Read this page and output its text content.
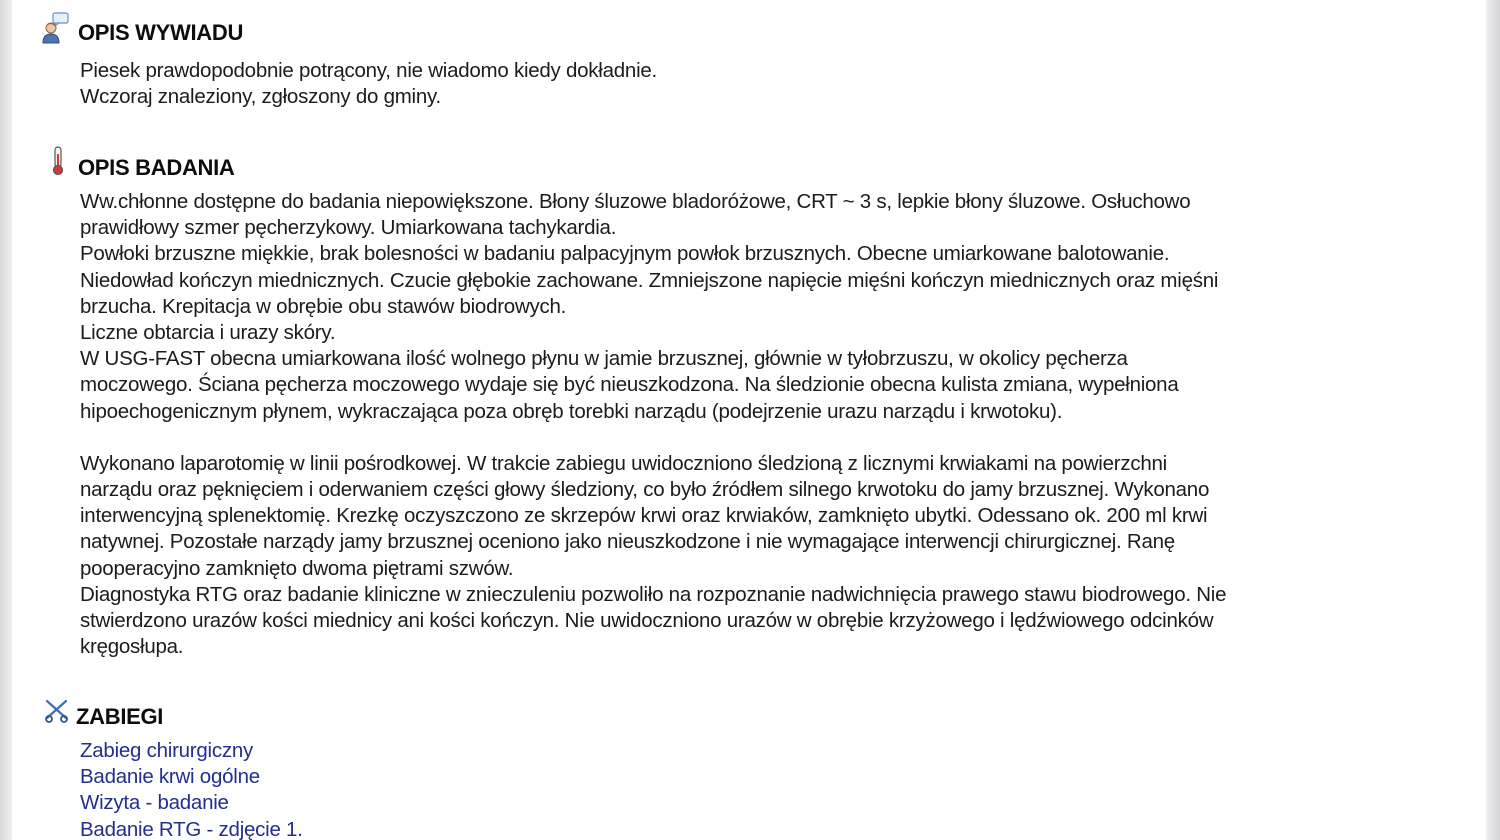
OPIS WYWIADU
Piesek prawdopodobnie potrącony, nie wiadomo kiedy dokładnie.
Wczoraj znaleziony, zgłoszony do gminy.
OPIS BADANIA
Ww.chłonne dostępne do badania niepowiększone. Błony śluzowe bladoróżowe, CRT ~ 3 s, lepkie błony śluzowe. Osłuchowo
prawidłowy szmer pęcherzykowy. Umiarkowana tachykardia.
Powłoki brzuszne miękkie, brak bolesności w badaniu palpacyjnym powłok brzusznych. Obecne umiarkowane balotowanie.
Niedowład kończyn miednicznych. Czucie głębokie zachowane. Zmniejszone napięcie mięśni kończyn miednicznych oraz mięśni
brzucha. Krepitacja w obrębie obu stawów biodrowych.
Liczne obtarcia i urazy skóry.
W USG-FAST obecna umiarkowana ilość wolnego płynu w jamie brzusznej, głównie w tyłobrzuszu, w okolicy pęcherza
moczowego. Ściana pęcherza moczowego wydaje się być nieuszkodzona. Na śledzionie obecna kulista zmiana, wypełniona
hipoechogenicznym płynem, wykraczająca poza obręb torebki narządu (podejrzenie urazu narządu i krwotoku).
Wykonano laparotomię w linii pośrodkowej. W trakcie zabiegu uwidoczniono śledzioną z licznymi krwiakami na powierzchni
narządu oraz pęknięciem i oderwaniem części głowy śledziony, co było źródłem silnego krwotoku do jamy brzusznej. Wykonano
interwencyjną splenektomię. Krezkę oczyszczono ze skrzepów krwi oraz krwiaków, zamknięto ubytki. Odessano ok. 200 ml krwi
natywnej. Pozostałe narządy jamy brzusznej oceniono jako nieuszkodzone i nie wymagające interwencji chirurgicznej. Ranę
pooperacyjno zamknięto dwoma piętrami szwów.
Diagnostyka RTG oraz badanie kliniczne w znieczuleniu pozwoliło na rozpoznanie nadwichnięcia prawego stawu biodrowego. Nie
stwierdzono urazów kości miednicy ani kości kończyn. Nie uwidoczniono urazów w obrębie krzyżowego i lędźwiowego odcinków
kręgosłupa.
ZABIEGI
Zabieg chirurgiczny
Badanie krwi ogólne
Wizyta - badanie
Badanie RTG - zdjęcie 1.
